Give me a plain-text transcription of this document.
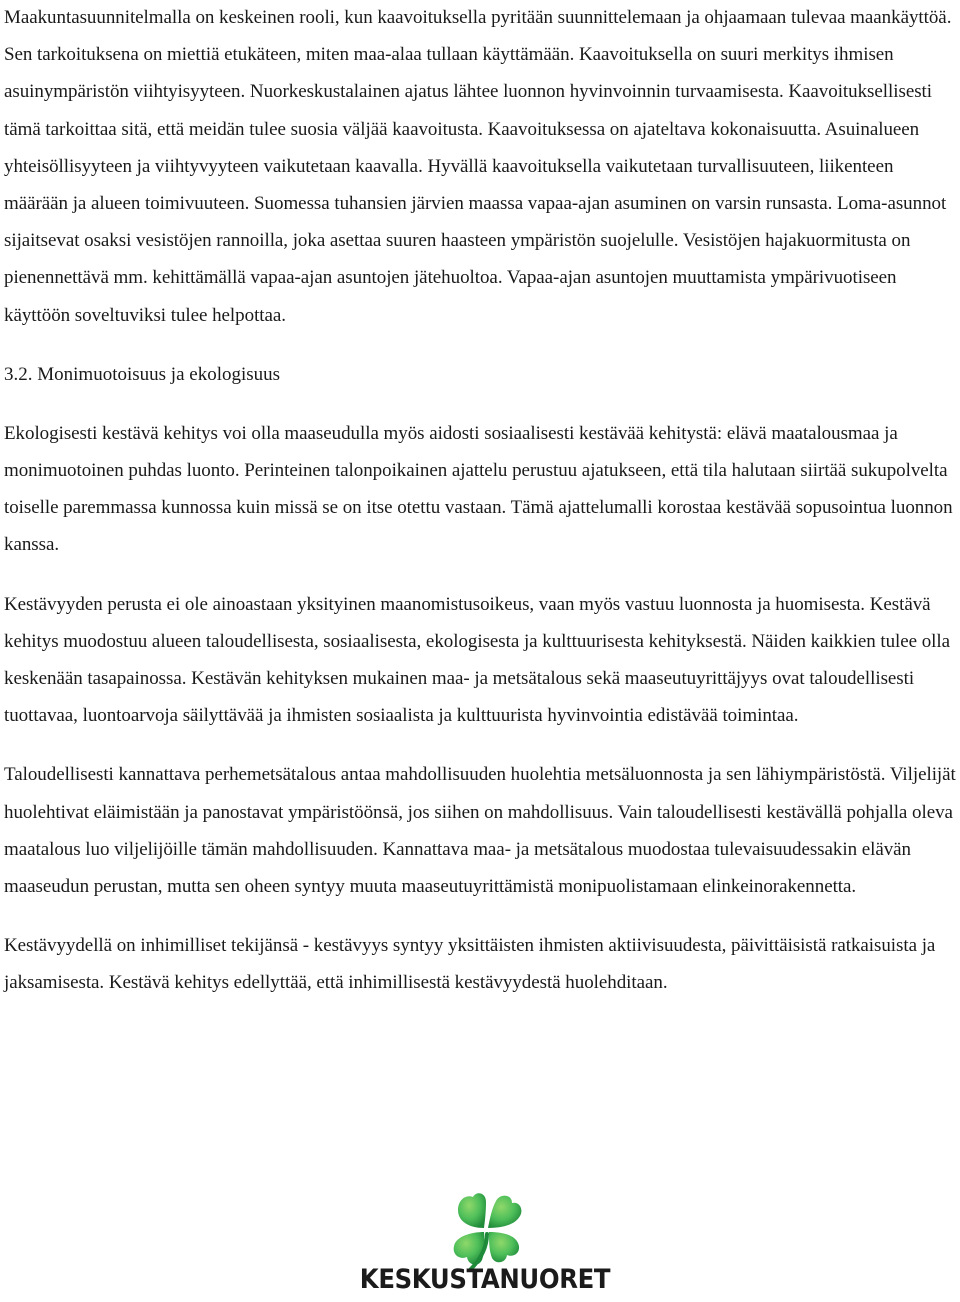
Maakuntasuunnitelmalla on keskeinen rooli, kun kaavoituksella pyritään suunnittelemaan ja ohjaamaan tulevaa maankäyttöä. Sen tarkoituksena on miettiä etukäteen, miten maa-alaa tullaan käyttämään. Kaavoituksella on suuri merkitys ihmisen asuinympäristön viihtyisyyteen. Nuorkeskustalainen ajatus lähtee luonnon hyvinvoinnin turvaamisesta. Kaavoituksellisesti tämä tarkoittaa sitä, että meidän tulee suosia väljää kaavoitusta. Kaavoituksessa on ajateltava kokonaisuutta. Asuinalueen yhteisöllisyyteen ja viihtyvyyteen vaikutetaan kaavalla. Hyvällä kaavoituksella vaikutetaan turvallisuuteen, liikenteen määrään ja alueen toimivuuteen. Suomessa tuhansien järvien maassa vapaa-ajan asuminen on varsin runsasta. Loma-asunnot sijaitsevat osaksi vesistöjen rannoilla, joka asettaa suuren haasteen ympäristön suojelulle. Vesistöjen hajakuormitusta on pienennettävä mm. kehittämällä vapaa-ajan asuntojen jätehuoltoa. Vapaa-ajan asuntojen muuttamista ympärivuotiseen käyttöön soveltuviksi tulee helpottaa.

3.2. Monimuotoisuus ja ekologisuus

Ekologisesti kestävä kehitys voi olla maaseudulla myös aidosti sosiaalisesti kestävää kehitystä: elävä maatalousmaa ja monimuotoinen puhdas luonto. Perinteinen talonpoikainen ajattelu perustuu ajatukseen, että tila halutaan siirtää sukupolvelta toiselle paremmassa kunnossa kuin missä se on itse otettu vastaan. Tämä ajattelumalli korostaa kestävää sopusointua luonnon kanssa.

Kestävyyden perusta ei ole ainoastaan yksityinen maanomistusoikeus, vaan myös vastuu luonnosta ja huomisesta. Kestävä kehitys muodostuu alueen taloudellisesta, sosiaalisesta, ekologisesta ja kulttuurisesta kehityksestä. Näiden kaikkien tulee olla keskenään tasapainossa. Kestävän kehityksen mukainen maa- ja metsätalous sekä maaseutuyrittäjyys ovat taloudellisesti tuottavaa, luontoarvoja säilyttävää ja ihmisten sosiaalista ja kulttuurista hyvinvointia edistävää toimintaa.

Taloudellisesti kannattava perhemetsätalous antaa mahdollisuuden huolehtia metsäluonnosta ja sen lähiympäristöstä. Viljelijät huolehtivat eläimistään ja panostavat ympäristöönsä, jos siihen on mahdollisuus. Vain taloudellisesti kestävällä pohjalla oleva maatalous luo viljelijöille tämän mahdollisuuden. Kannattava maa- ja metsätalous muodostaa tulevaisuudessakin elävän maaseudun perustan, mutta sen oheen syntyy muuta maaseutuyrittämistä monipuolistamaan elinkeinorakennetta.

Kestävyydellä on inhimilliset tekijänsä - kestävyys syntyy yksittäisten ihmisten aktiivisuudesta, päivittäisistä ratkaisuista ja jaksamisesta. Kestävä kehitys edellyttää, että inhimillisestä kestävyydestä huolehditaan.

KESKUSTANUORET
